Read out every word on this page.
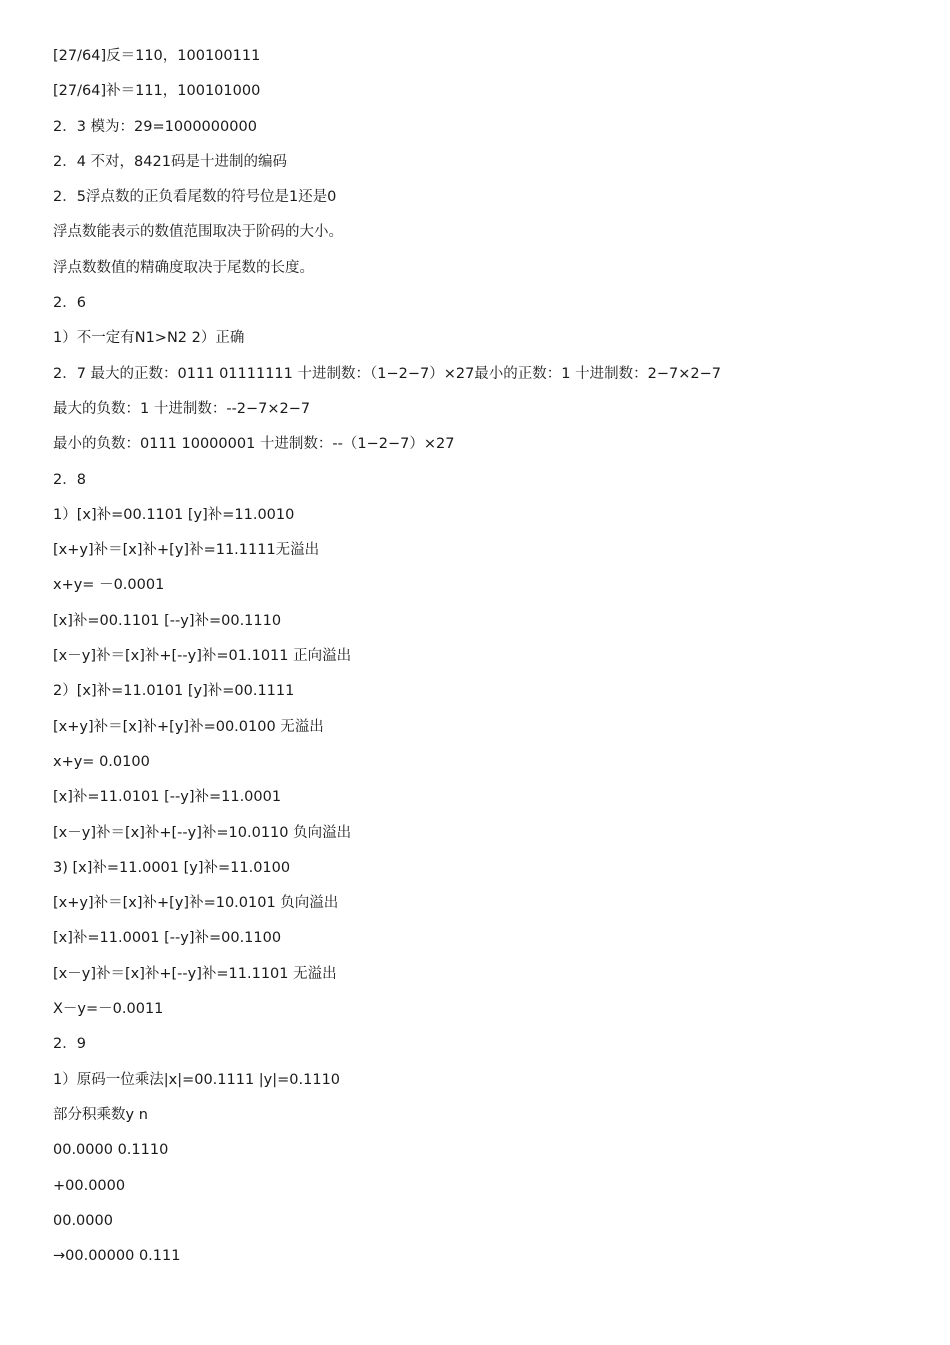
[27/64]反＝110，100100111
[27/64]补＝111，100101000
2．3 模为：29=1000000000
2．4 不对，8421码是十进制的编码
2．5浮点数的正负看尾数的符号位是1还是0
浮点数能表示的数值范围取决于阶码的大小。
浮点数数值的精确度取决于尾数的长度。
2．6
1）不一定有N1>N2 2）正确
2．7 最大的正数：0111 01111111 十进制数：（1−2−7）×27最小的正数：1 十进制数：2−7×2−7
最大的负数：1 十进制数：--2−7×2−7
最小的负数：0111 10000001 十进制数：--（1−2−7）×27
2．8
1）[x]补=00.1101 [y]补=11.0010
[x+y]补＝[x]补+[y]补=11.1111无溢出
x+y= －0.0001
[x]补=00.1101 [--y]补=00.1110
[x－y]补＝[x]补+[--y]补=01.1011 正向溢出
2）[x]补=11.0101 [y]补=00.1111
[x+y]补＝[x]补+[y]补=00.0100 无溢出
x+y= 0.0100
[x]补=11.0101 [--y]补=11.0001
[x－y]补＝[x]补+[--y]补=10.0110 负向溢出
3) [x]补=11.0001 [y]补=11.0100
[x+y]补＝[x]补+[y]补=10.0101 负向溢出
[x]补=11.0001 [--y]补=00.1100
[x－y]补＝[x]补+[--y]补=11.1101 无溢出
X－y=－0.0011
2．9
1）原码一位乘法|x|=00.1111 |y|=0.1110
部分积乘数y n
00.0000 0.1110
+00.0000
00.0000
→00.00000 0.111
